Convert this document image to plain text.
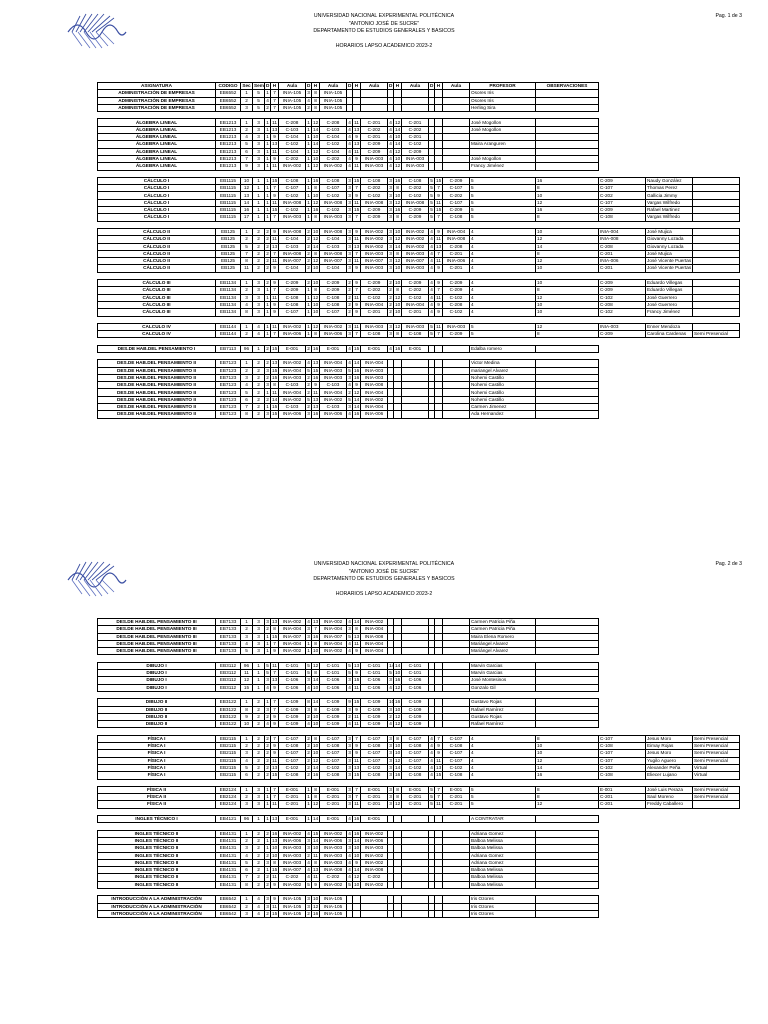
UNIVERSIDAD NACIONAL EXPERIMENTAL POLITÉCNICA
"ANTONIO JOSÉ DE SUCRE"
DEPARTAMENTO DE ESTUDIOS GENERALES Y BASICOS
HORARIOS LAPSO ACADEMICO 2023-2
Pag. 1 de 3
ASIGNATURA	CODIGO	Sec	Sem	D	H	Aula	D	H	Aula	D	H	Aula	D	H	Aula	D	H	Aula	PROFESOR	OBSERVACIONES			
ADMINISTRACIÓN DE EMPRESAS	EB6552	1	5	1	7	INIA-105	3	8	INIA-105										Osores Iris				
ADMINISTRACIÓN DE EMPRESAS	EB6552	2	5	4	7	INIA-105	4	8	INIA-105										Osores Iris				
ADMINISTRACIÓN DE EMPRESAS	EB6552	3	5	2	7	INIA-105	2	8	INIA-105										Herling Sira				

ÁLGEBRA LINEAL	EB1213	1	3	1	11	C-208	1	12	C-208	4	11	C-201	4	12	C-201				José Mogollon				
ÁLGEBRA LINEAL	EB1213	2	3	1	13	C-103	1	14	C-103	4	13	C-202	4	14	C-202				José Mogollon				
ÁLGEBRA LINEAL	EB1213	4	3	1	9	C-104	1	10	C-104	4	9	C-201	4	10	C-201								
ÁLGEBRA LINEAL	EB1213	5	3	1	13	C-102	1	14	C-102	4	13	C-209	4	14	C-102				Maira Aranguren				
ÁLGEBRA LINEAL	EB1213	6	3	1	11	C-104	1	12	C-104	4	11	C-209	4	12	C-209								
ÁLGEBRA LINEAL	EB1213	7	3	1	9	C-202	1	10	C-202	4	9	INIA-003	4	10	INIA-003				José Mogollon				
ÁLGEBRA LINEAL	EB1213	9	3	1	11	INIA-002	1	12	INIA-002	4	11	INIA-003	4	12	INIA-003				Francy Jiménez				

CÁLCULO I	EB1115	10	1	1	15	C-108	1	16	C-108	3	15	C-108	3	16	C-108	5	15	C-209	5	16	C-209	Naudy González	
CÁLCULO I	EB1115	12	1	1	7	C-107	1	8	C-107	3	7	C-202	3	8	C-202	5	7	C-107	5	8	C-107	Thomas Perez	
CÁLCULO I	EB1115	13	1	1	9	C-102	1	10	C-102	3	9	C-102	3	10	C-102	5	9	C-202	5	10	C-202	Gallicia Jimmy	
CÁLCULO I	EB1115	14	1	1	11	INIA-008	1	12	INIA-008	3	11	INIA-008	3	12	INIA-008	5	11	C-107	5	12	C-107	Vargas Wilfredo	
CÁLCULO I	EB1115	16	1	1	15	C-102	1	16	C-102	3	15	C-209	3	16	C-209	5	15	C-209	5	16	C-209	Rafael Martinez	
CÁLCULO I	EB1115	17	1	1	7	INIA-003	1	8	INIA-003	3	7	C-209	3	8	C-209	5	7	C-108	5	8	C-108	Vargas Wilfredo	

CÁLCULO II	EB125	1	2	2	9	INIA-008	2	10	INIA-008	3	9	INIA-002	3	10	INIA-002	4	9	INIA-004	4	10	INIA-004	José Mujica	
CÁLCULO II	EB125	2	2	2	11	C-104	2	12	C-104	3	11	INIA-002	3	12	INIA-002	4	11	INIA-008	4	12	INIA-008	Giovanny Lozada	
CÁLCULO II	EB125	5	2	2	13	C-103	2	14	C-103	3	13	INIA-002	3	14	INIA-002	4	13	C-208	4	14	C-208	Giovanny Lozada	
CÁLCULO II	EB125	7	2	2	7	INIA-008	2	8	INIA-008	3	7	INIA-003	3	8	INIA-003	4	7	C-201	4	8	C-201	José Mujica	
CÁLCULO II	EB125	8	2	2	11	INIA-007	2	12	INIA-007	3	11	INIA-007	3	12	INIA-007	4	11	INIA-006	4	12	INIA-006	José Vicente Puertas	
CÁLCULO II	EB125	11	2	2	9	C-104	2	10	C-104	3	9	INIA-003	3	10	INIA-003	4	9	C-201	4	10	C-201	José Vicente Puertas	

CÁLCULO III	EB1134	1	3	2	9	C-209	2	10	C-209	2	9	C-209	2	10	C-209	4	9	C-209	4	10	C-209	Eduardo Villegas	
CÁLCULO III	EB1134	2	3	1	7	C-209	1	8	C-209	2	7	C-202	2	8	C-202	4	7	C-209	4	8	C-209	Eduardo Villegas	
CÁLCULO III	EB1134	3	3	1	11	C-108	1	12	C-108	2	11	C-102	2	12	C-102	4	11	C-102	4	12	C-102	José Guerrero	
CÁLCULO III	EB1134	4	3	1	9	C-108	1	10	C-108	2	9	INIA-004	2	10	INIA-004	4	9	C-208	4	10	C-208	José Guerrero	
CÁLCULO III	EB1134	8	3	1	9	C-107	1	10	C-107	2	9	C-201	2	10	C-201	4	9	C-102	4	10	C-102	Francy Jiménez	

CALCULO IV	EB1144	1	4	1	11	INIA-002	1	12	INIA-002	3	11	INIA-003	3	12	INIA-003	5	11	INIA-003	5	12	INIA-003	Enner Mendoza	
CALCULO IV	EB1144	2	4	1	7	INIA-006	1	8	INIA-006	3	7	C-108	3	8	C-108	5	7	C-209	5	8	C-209	Carolina Cardenas	Semi Presencial

DES.DE HAB.DEL PENSAMIENTO I	EB7113	96	1	2	15	E-001	2	16	E-001	4	15	E-001	4	16	E-001				Edalba romero				

DES.DE HAB.DEL PENSAMIENTO II	EB7123	1	2	2	13	INIA-002	4	13	INIA-004	4	14	INIA-004							Victor Medina				
DES.DE HAB.DEL PENSAMIENTO II	EB7123	2	2	3	15	INIA-004	5	15	INIA-003	5	16	INIA-003							mariangel Alvarez				
DES.DE HAB.DEL PENSAMIENTO II	EB7123	3	2	2	15	INIA-003	2	16	INIA-003	3	16	INIA-003							Nohemi Castillo				
DES.DE HAB.DEL PENSAMIENTO II	EB7123	4	2	3	8	C-103	2	9	C-103	4	9	INIA-008							Nohemi Castillo				
DES.DE HAB.DEL PENSAMIENTO II	EB7123	5	2	1	11	INIA-004	2	11	INIA-004	2	12	INIA-004							Nohemi Castillo				
DES.DE HAB.DEL PENSAMIENTO II	EB7123	6	2	2	14	INIA-002	5	13	INIA-002	5	14	INIA-002							Nohemi Castillo				
DES.DE HAB.DEL PENSAMIENTO II	EB7123	7	2	1	15	C-103	2	13	C-103	3	14	INIA-004							Carmen Jimenez				
DES.DE HAB.DEL PENSAMIENTO II	EB7123	8	2	3	15	INIA-006	3	16	INIA-006	4	16	INIA-006							Ada Hernandez				
UNIVERSIDAD NACIONAL EXPERIMENTAL POLITÉCNICA
"ANTONIO JOSÉ DE SUCRE"
DEPARTAMENTO DE ESTUDIOS GENERALES Y BASICOS
HORARIOS LAPSO ACADEMICO 2023-2
Pag. 2 de 3
DES.DE HAB.DEL PENSAMIENTO III	EB7133	1	3	3	13	INIA-002	4	13	INIA-002	4	14	INIA-002							Carmen Patricia Piña				
DES.DE HAB.DEL PENSAMIENTO III	EB7133	2	3	2	8	INIA-004	3	7	INIA-004	3	8	INIA-004							Carmen Patricia Piña				
DES.DE HAB.DEL PENSAMIENTO III	EB7133	3	3	1	15	INIA-007	3	16	INIA-007	5	13	INIA-008							Maira Elena Romero				
DES.DE HAB.DEL PENSAMIENTO III	EB7133	4	3	1	7	INIA-004	1	8	INIA-004	4	11	INIA-004							Mariángel Alvarez				
DES.DE HAB.DEL PENSAMIENTO III	EB7133	5	3	1	9	INIA-002	1	10	INIA-002	4	9	INIA-004							Mariángel Alvarez				

DIBUJO I	EB3112	96	1	5	11	C-101	5	12	C-101	5	13	C-101	14	14	C-101				Marvin Garcias				
DIBUJO I	EB3112	11	1	5	7	C-101	5	8	C-101	5	9	C-101	5	10	C-101				Marvin Garcias				
DIBUJO I	EB3112	12	1	3	13	C-106	3	14	C-106	3	15	C-106	3	16	C-106				José Montesinos				
DIBUJO I	EB3112	15	1	4	9	C-106	4	10	C-106	4	11	C-106	4	12	C-106				Gonzalo Gil				

DIBUJO II	EB3122	1	2	1	7	C-109	8	14	C-109	9	15	C-109	10	16	C-109				Gustavo Rojas				
DIBUJO II	EB3122	8	2	3	7	C-109	3	8	C-109	3	9	C-109	3	10	C-109				Rafael Ramírez				
DIBUJO II	EB3122	9	2	2	9	C-109	2	10	C-109	2	11	C-109	2	12	C-109				Gustavo Rojas				
DIBUJO II	EB3122	10	2	4	9	C-109	4	10	C-109	4	11	C-109	4	12	C-109				Rafael Ramírez				

FÍSICA I	EB2115	1	2	2	7	C-107	2	8	C-107	3	7	C-107	3	8	C-107	4	7	C-107	4	8	C-107	Jesus Moro	Semi Presencial
FÍSICA I	EB2115	2	2	2	9	C-108	2	10	C-108	3	9	C-108	3	10	C-108	4	9	C-108	4	10	C-108	Eimay Rojas	Semi Presencial
FÍSICA I	EB2115	3	2	2	9	C-107	2	10	C-107	3	9	C-107	3	10	C-107	4	9	C-107	4	10	C-107	Jesus Moro	Semi Presencial
FÍSICA I	EB2115	4	2	2	11	C-107	2	12	C-107	3	11	C-107	3	12	C-107	4	11	C-107	4	12	C-107	Yugilo Aguero	Semi Presencial
FÍSICA I	EB2115	5	2	2	13	C-102	2	14	C-102	3	13	C-102	3	14	C-102	4	13	C-102	4	14	C-102	Alexander Peña	Virtual
FÍSICA I	EB2115	6	2	2	15	C-108	2	16	C-108	3	15	C-108	3	16	C-108	4	15	C-108	4	16	C-108	Eliecer Lujano	Virtual

FÍSICA II	EB2124	1	3	1	7	E-001	1	8	E-001	3	7	E-001	3	8	E-001	5	7	E-001	5	8	E-001	José Luis Peraza	Semi Presencial
FÍSICA II	EB2124	2	3	1	7	C-201	1	8	C-201	3	7	C-201	3	8	C-201	5	7	C-201	5	8	C-201	Saul Moreno	Semi Presencial
FÍSICA II	EB2124	3	3	1	11	C-201	1	12	C-201	3	11	C-201	3	12	C-201	5	11	C-201	5	12	C-201	Freddy Caballero	

INGLES TÉCNICO I	EB4121	96	1	1	13	E-001	1	14	E-001	4	16	E-001							A CONTRATAR				

INGLES TÉCNICO II	EB4131	1	2	2	16	INIA-002	4	15	INIA-002	4	16	INIA-002							Adriana Gomez				
INGLES TÉCNICO II	EB4131	2	2	1	13	INIA-006	3	14	INIA-006	3	14	INIA-006							Balboa Melissa				
INGLES TÉCNICO II	EB4131	3	2	1	10	INIA-003	3	10	INIA-003	3	10	INIA-003							Balboa Melissa				
INGLES TÉCNICO II	EB4131	4	2	2	10	INIA-003	2	11	INIA-003	4	10	INIA-002							Adriana Gomez				
INGLES TÉCNICO II	EB4131	5	2	3	8	INIA-003	4	8	INIA-003	4	9	INIA-002							Adriana Gomez				
INGLES TÉCNICO II	EB4131	6	2	1	15	INIA-007	4	13	INIA-008	4	14	INIA-008							Balboa Melissa				
INGLES TÉCNICO II	EB4131	7	2	2	11	C-202	4	11	C-202	4	12	C-202							Balboa Melissa				
INGLES TÉCNICO II	EB4131	8	2	2	9	INIA-002	5	9	INIA-002	5	10	INIA-002							Balboa Melissa				

INTRODUCCIÓN A LA ADMINISTRACIÓN	EB6542	1	4	3	9	INIA-105	3	10	INIA-105										Iris Ozores				
INTRODUCCIÓN A LA ADMINISTRACIÓN	EB6542	2	4	3	11	INIA-105	3	12	INIA-105										Iris Ozores				
INTRODUCCIÓN A LA ADMINISTRACIÓN	EB6542	3	4	2	15	INIA-105	2	16	INIA-105										Iris Ozores				
